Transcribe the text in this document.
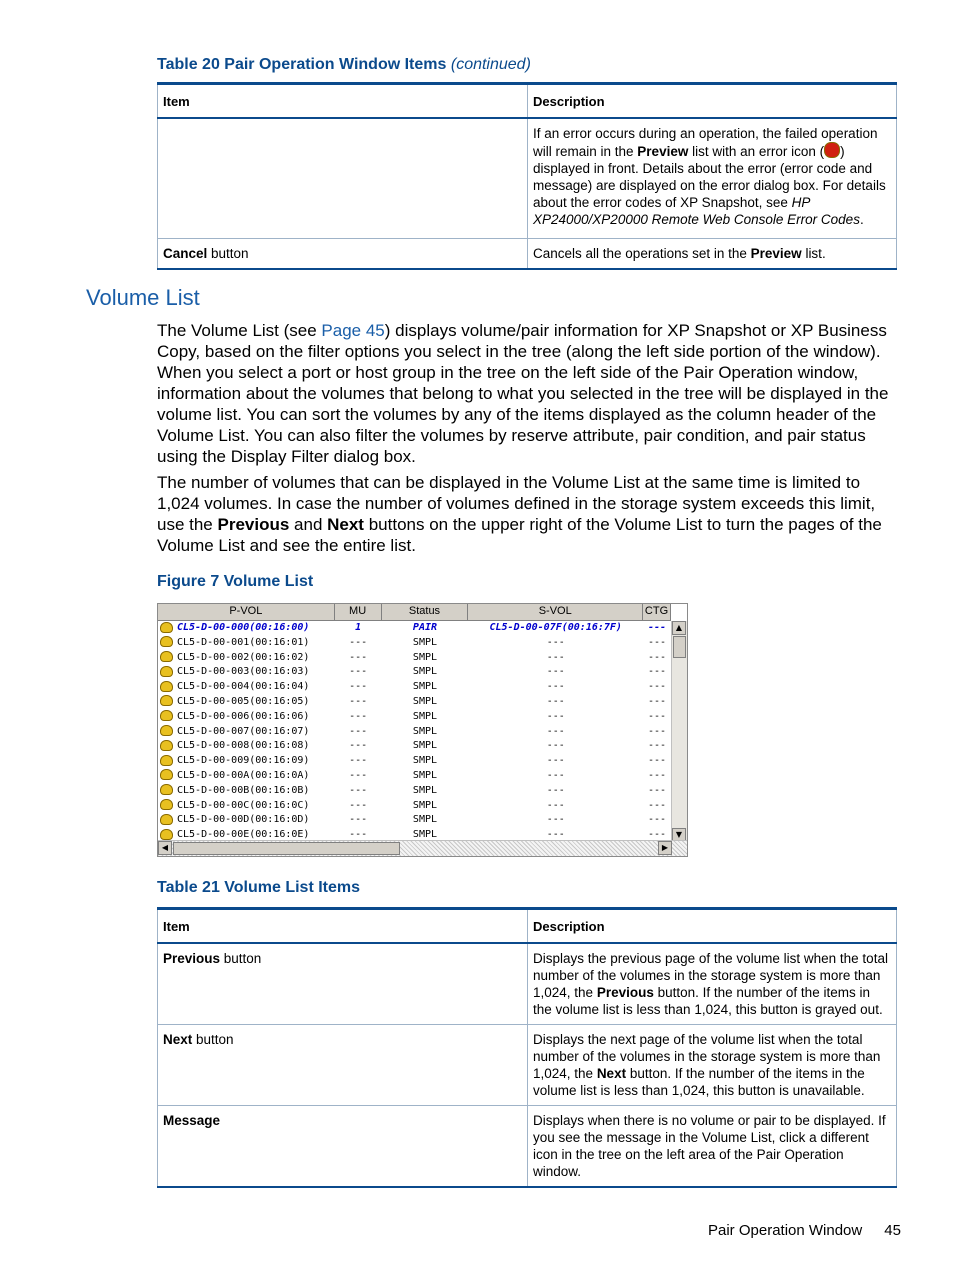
Table 20 Pair Operation Window Items (continued)

Item	Description
	If an error occurs during an operation, the failed operation will remain in the Preview list with an error icon ( ) displayed in front. Details about the error (error code and message) are displayed on the error dialog box. For details about the error codes of XP Snapshot, see HP XP24000/XP20000 Remote Web Console Error Codes.
Cancel button	Cancels all the operations set in the Preview list.
Volume List

The Volume List (see Page 45) displays volume/pair information for XP Snapshot or XP Business Copy, based on the filter options you select in the tree (along the left side portion of the window). When you select a port or host group in the tree on the left side of the Pair Operation window, information about the volumes that belong to what you selected in the tree will be displayed in the volume list. You can sort the volumes by any of the items displayed as the column header of the Volume List. You can also filter the volumes by reserve attribute, pair condition, and pair status using the Display Filter dialog box.

The number of volumes that can be displayed in the Volume List at the same time is limited to 1,024 volumes. In case the number of volumes defined in the storage system exceeds this limit, use the Previous and Next buttons on the upper right of the Volume List to turn the pages of the Volume List and see the entire list.

Figure 7 Volume List

P-VOL	MU	Status	S-VOL	CTG
CL5-D-00-000(00:16:00)	1	PAIR	CL5-D-00-07F(00:16:7F)	---
CL5-D-00-001(00:16:01)	---	SMPL	---	---
CL5-D-00-002(00:16:02)	---	SMPL	---	---
CL5-D-00-003(00:16:03)	---	SMPL	---	---
CL5-D-00-004(00:16:04)	---	SMPL	---	---
CL5-D-00-005(00:16:05)	---	SMPL	---	---
CL5-D-00-006(00:16:06)	---	SMPL	---	---
CL5-D-00-007(00:16:07)	---	SMPL	---	---
CL5-D-00-008(00:16:08)	---	SMPL	---	---
CL5-D-00-009(00:16:09)	---	SMPL	---	---
CL5-D-00-00A(00:16:0A)	---	SMPL	---	---
CL5-D-00-00B(00:16:0B)	---	SMPL	---	---
CL5-D-00-00C(00:16:0C)	---	SMPL	---	---
CL5-D-00-00D(00:16:0D)	---	SMPL	---	---
CL5-D-00-00E(00:16:0E)	---	SMPL	---	---
▲
▼
◀	▶

Table 21 Volume List Items

Item	Description
Previous button	Displays the previous page of the volume list when the total number of the volumes in the storage system is more than 1,024, the Previous button. If the number of the items in the volume list is less than 1,024, this button is grayed out.
Next button	Displays the next page of the volume list when the total number of the volumes in the storage system is more than 1,024, the Next button. If the number of the items in the volume list is less than 1,024, this button is unavailable.
Message	Displays when there is no volume or pair to be displayed. If you see the message in the Volume List, click a different icon in the tree on the left area of the Pair Operation window.
Pair Operation Window 45
